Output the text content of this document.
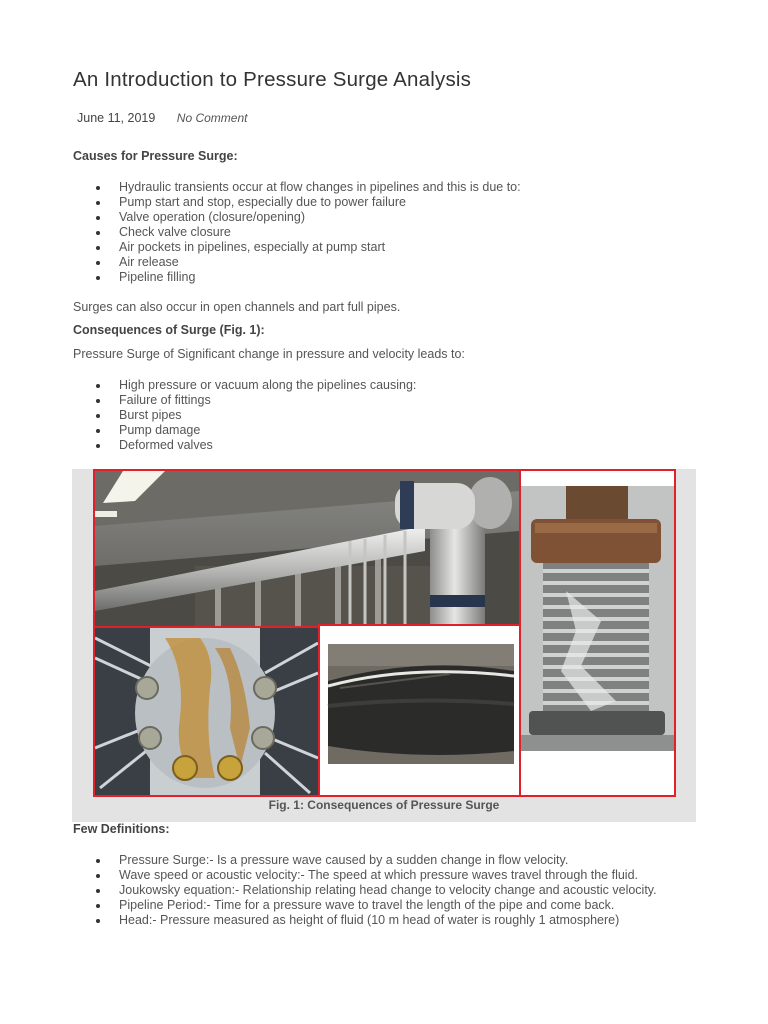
An Introduction to Pressure Surge Analysis
June 11, 2019 No Comment
Causes for Pressure Surge:
Hydraulic transients occur at flow changes in pipelines and this is due to:
Pump start and stop, especially due to power failure
Valve operation (closure/opening)
Check valve closure
Air pockets in pipelines, especially at pump start
Air release
Pipeline filling

Surges can also occur in open channels and part full pipes.

Consequences of Surge (Fig. 1):

Pressure Surge of Significant change in pressure and velocity leads to:

High pressure or vacuum along the pipelines causing:
Failure of fittings
Burst pipes
Pump damage
Deformed valves
Fig. 1: Consequences of Pressure Surge
Few Definitions:
Pressure Surge:- Is a pressure wave caused by a sudden change in flow velocity.
Wave speed or acoustic velocity:- The speed at which pressure waves travel through the fluid.
Joukowsky equation:- Relationship relating head change to velocity change and acoustic velocity.
Pipeline Period:- Time for a pressure wave to travel the length of the pipe and come back.
Head:- Pressure measured as height of fluid (10 m head of water is roughly 1 atmosphere)
